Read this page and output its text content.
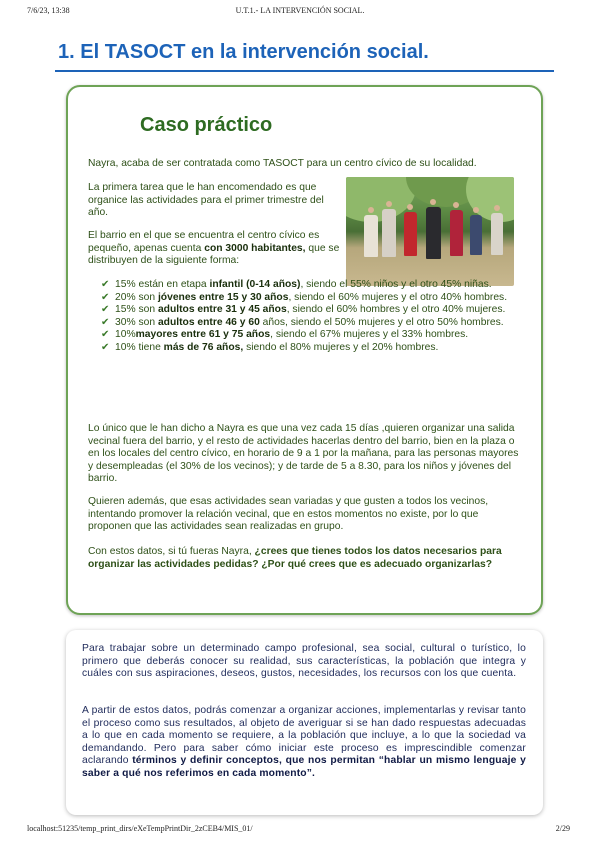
7/6/23, 13:38	U.T.1.- LA INTERVENCIÓN SOCIAL.
1. El TASOCT en la intervención social.
Caso práctico
Nayra, acaba de ser contratada como TASOCT para un centro cívico de su localidad.
La primera tarea que le han encomendado es que organice las actividades para el primer trimestre del año.
El barrio en el que se encuentra el centro cívico es pequeño, apenas cuenta con 3000 habitantes, que se distribuyen de la siguiente forma:
✔ 15% están en etapa infantil (0-14 años), siendo el 55% niños y el otro 45% niñas.
✔ 20% son jóvenes entre 15 y 30 años, siendo el 60% mujeres y el otro 40% hombres.
✔ 15% son adultos entre 31 y 45 años, siendo el 60% hombres y el otro 40% mujeres.
✔ 30% son adultos entre 46 y 60 años, siendo el 50% mujeres y el otro 50% hombres.
✔ 10%mayores entre 61 y 75 años, siendo el 67% mujeres y el 33% hombres.
✔ 10% tiene más de 76 años, siendo el 80% mujeres y el 20% hombres.
Lo único que le han dicho a Nayra es que una vez cada 15 días ,quieren organizar una salida vecinal fuera del barrio, y el resto de actividades hacerlas dentro del barrio, bien en la plaza o en los locales del centro cívico, en horario de 9 a 1 por la mañana, para las personas mayores y desempleadas (el 30% de los vecinos); y de tarde de 5 a 8.30, para los niños y jóvenes del barrio.
Quieren además, que esas actividades sean variadas y que gusten a todos los vecinos, intentando promover la relación vecinal, que en estos momentos no existe, por lo que proponen que las actividades sean realizadas en grupo.
Con estos datos, si tú fueras Nayra, ¿crees que tienes todos los datos necesarios para organizar las actividades pedidas? ¿Por qué crees que es adecuado organizarlas?
Para trabajar sobre un determinado campo profesional, sea social, cultural o turístico, lo primero que deberás conocer su realidad, sus características, la población que integra y cuáles con sus aspiraciones, deseos, gustos, necesidades, los recursos con los que cuenta.
A partir de estos datos, podrás comenzar a organizar acciones, implementarlas y revisar tanto el proceso como sus resultados, al objeto de averiguar si se han dado respuestas adecuadas a lo que en cada momento se requiere, a la población que incluye, a lo que la sociedad va demandando. Pero para saber cómo iniciar este proceso es imprescindible comenzar aclarando términos y definir conceptos, que nos permitan “hablar un mismo lenguaje y saber a qué nos referimos en cada momento”.
localhost:51235/temp_print_dirs/eXeTempPrintDir_2zCEB4/MIS_01/	2/29
